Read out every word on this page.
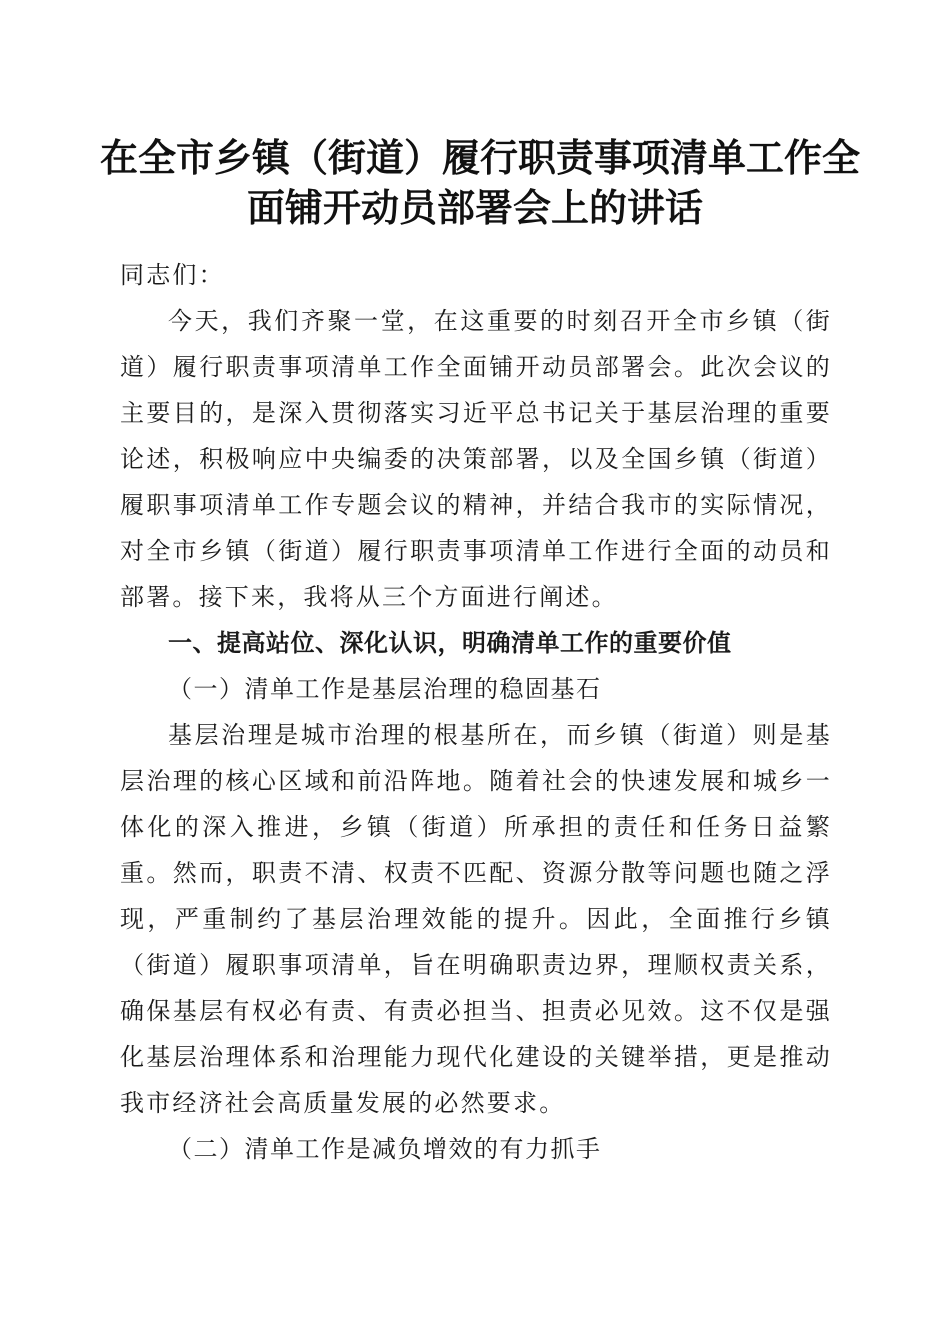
在全市乡镇（街道）履行职责事项清单工作全
面铺开动员部署会上的讲话

同志们：

今天，我们齐聚一堂，在这重要的时刻召开全市乡镇（街道）履行职责事项清单工作全面铺开动员部署会。此次会议的主要目的，是深入贯彻落实习近平总书记关于基层治理的重要论述，积极响应中央编委的决策部署，以及全国乡镇（街道）履职事项清单工作专题会议的精神，并结合我市的实际情况，对全市乡镇（街道）履行职责事项清单工作进行全面的动员和部署。接下来，我将从三个方面进行阐述。

一、提高站位、深化认识，明确清单工作的重要价值

（一）清单工作是基层治理的稳固基石

基层治理是城市治理的根基所在，而乡镇（街道）则是基层治理的核心区域和前沿阵地。随着社会的快速发展和城乡一体化的深入推进，乡镇（街道）所承担的责任和任务日益繁重。然而，职责不清、权责不匹配、资源分散等问题也随之浮现，严重制约了基层治理效能的提升。因此，全面推行乡镇（街道）履职事项清单，旨在明确职责边界，理顺权责关系，确保基层有权必有责、有责必担当、担责必见效。这不仅是强化基层治理体系和治理能力现代化建设的关键举措，更是推动我市经济社会高质量发展的必然要求。

（二）清单工作是减负增效的有力抓手
